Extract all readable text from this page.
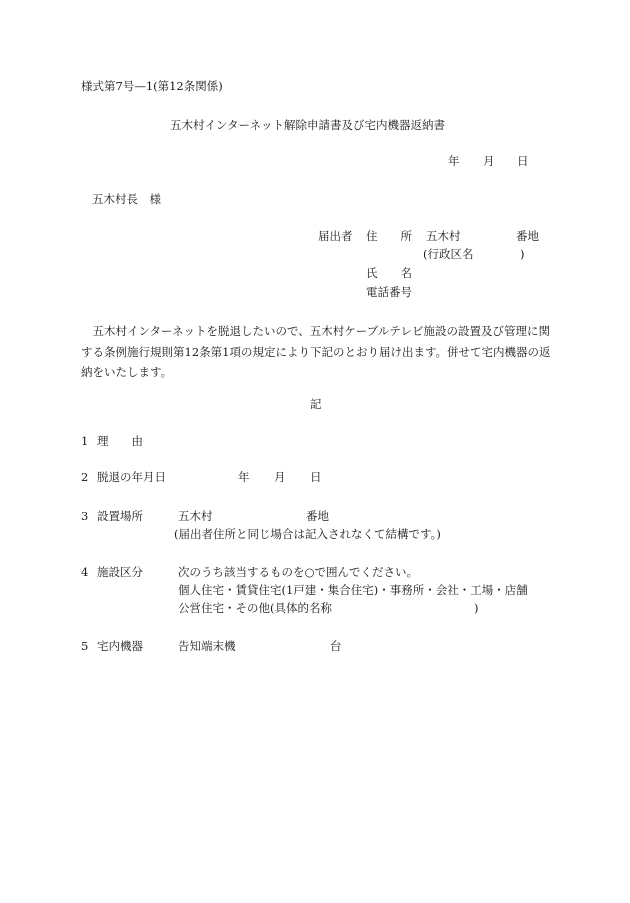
様式第7号—1(第12条関係)
五木村インターネット解除申請書及び宅内機器返納書
年 月 日
五木村長　様
届出者 住　　所 五木村	番地
(行政区名	)
氏　　名
電話番号
　五木村インターネットを脱退したいので、五木村ケーブルテレビ施設の設置及び管理に関する条例施行規則第12条第1項の規定により下記のとおり届け出ます。併せて宅内機器の返納をいたします。
記
1 理　　由
2 脱退の年月日	年 月 日
3 設置場所	五木村	番地
(届出者住所と同じ場合は記入されなくて結構です。)
4 施設区分	次のうち該当するものを○で囲んでください。
個人住宅・賃貸住宅(1戸建・集合住宅)・事務所・会社・工場・店舗
公営住宅・その他(具体的名称	)
5 宅内機器	告知端末機	台
